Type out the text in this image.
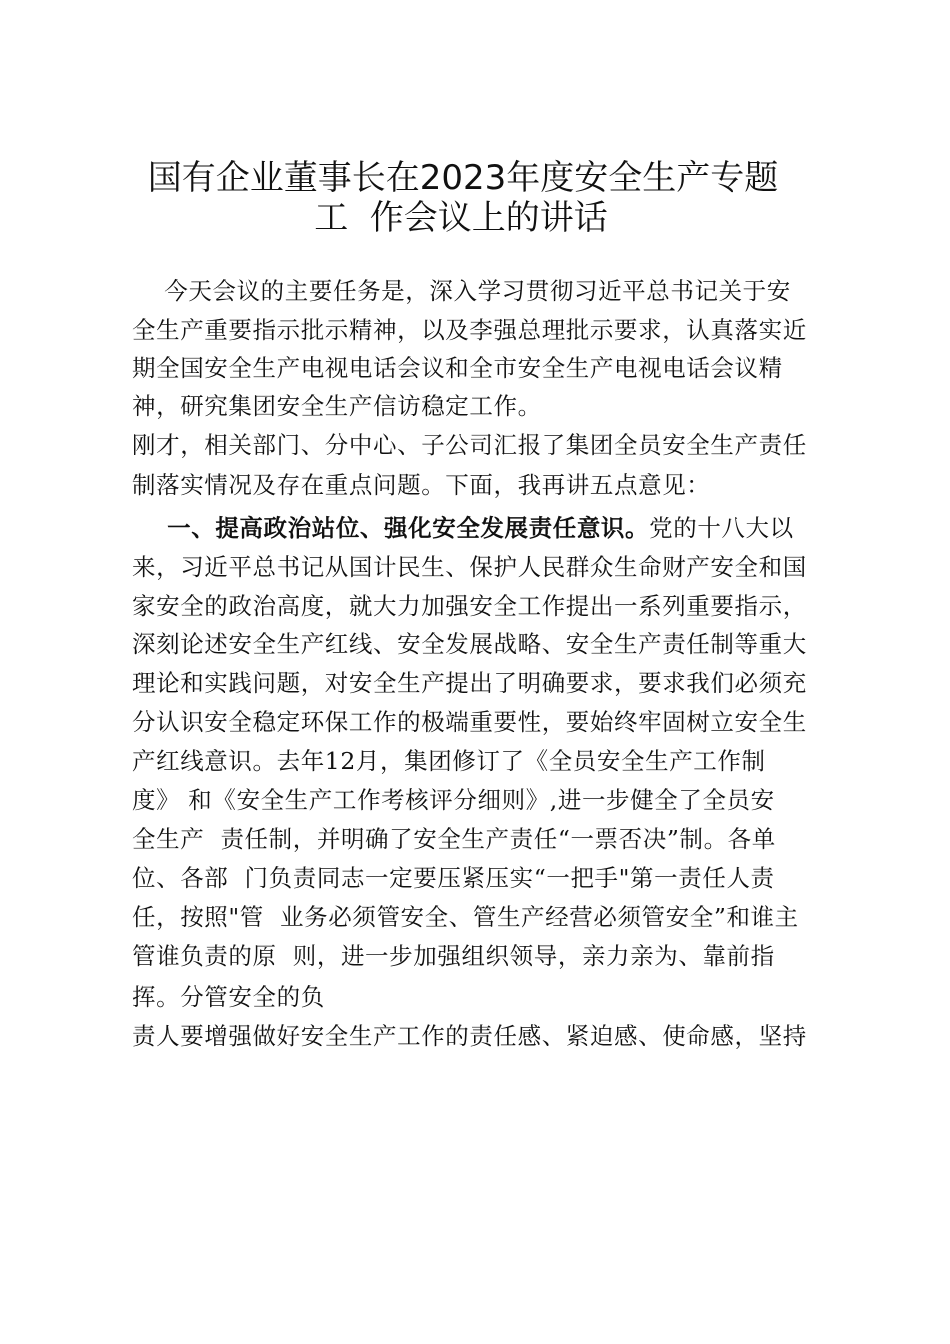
国有企业董事长在2023年度安全生产专题
工  作会议上的讲话
今天会议的主要任务是，深入学习贯彻习近平总书记关于安
全生产重要指示批示精神，以及李强总理批示要求，认真落实近
期全国安全生产电视电话会议和全市安全生产电视电话会议精
神，研究集团安全生产信访稳定工作。
刚才，相关部门、分中心、子公司汇报了集团全员安全生产责任
制落实情况及存在重点问题。下面，我再讲五点意见：
一、提高政治站位、强化安全发展责任意识。党的十八大以
来，习近平总书记从国计民生、保护人民群众生命财产安全和国
家安全的政治高度，就大力加强安全工作提出一系列重要指示，
深刻论述安全生产红线、安全发展战略、安全生产责任制等重大
理论和实践问题，对安全生产提出了明确要求，要求我们必须充
分认识安全稳定环保工作的极端重要性，要始终牢固树立安全生
产红线意识。去年12月，集团修订了《全员安全生产工作制
度》 和《安全生产工作考核评分细则》,进一步健全了全员安
全生产  责任制，并明确了安全生产责任“一票否决”制。各单
位、各部  门负责同志一定要压紧压实“一把手"第一责任人责
任，按照"管  业务必须管安全、管生产经营必须管安全”和谁主
管谁负责的原  则，进一步加强组织领导，亲力亲为、靠前指
挥。分管安全的负
责人要增强做好安全生产工作的责任感、紧迫感、使命感，坚持
